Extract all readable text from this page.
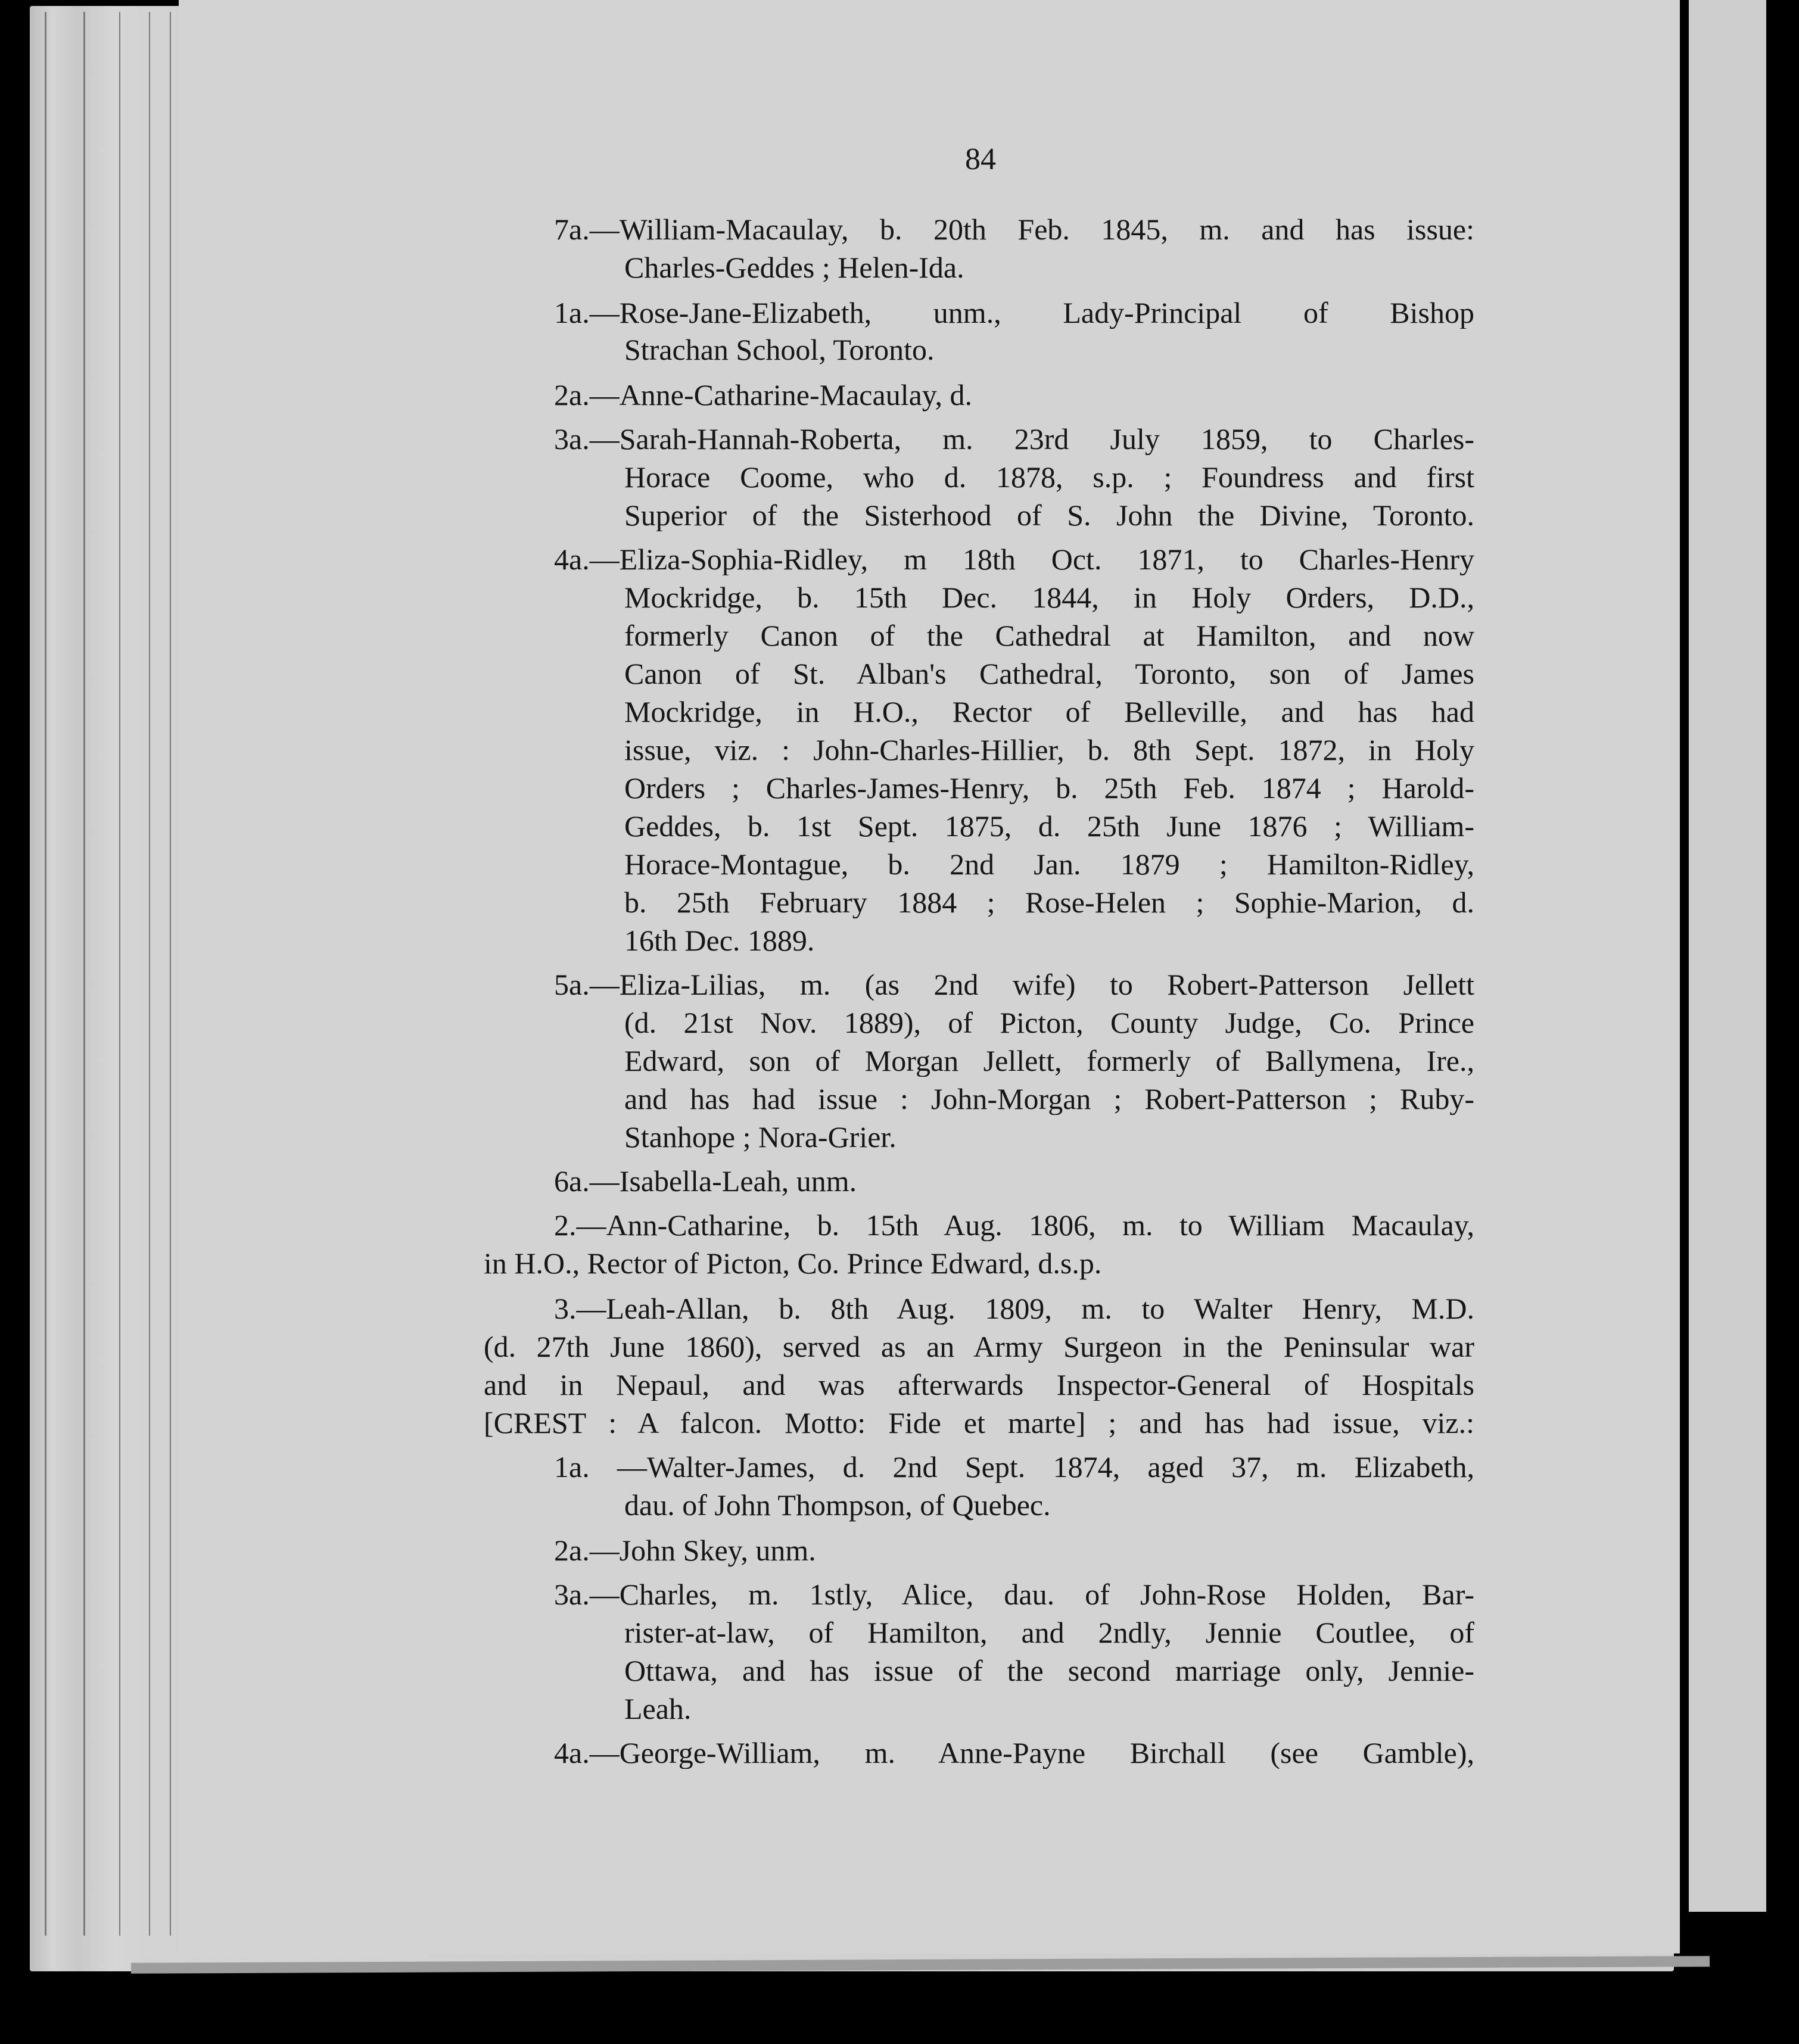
84
7a.—William-Macaulay, b. 20th Feb. 1845, m. and has issue:
Charles-Geddes ; Helen-Ida.
1a.—Rose-Jane-Elizabeth, unm., Lady-Principal of Bishop
Strachan School, Toronto.
2a.—Anne-Catharine-Macaulay, d.
3a.—Sarah-Hannah-Roberta, m. 23rd July 1859, to Charles-
Horace Coome, who d. 1878, s.p. ; Foundress and first
Superior of the Sisterhood of S. John the Divine, Toronto.
4a.—Eliza-Sophia-Ridley, m 18th Oct. 1871, to Charles-Henry
Mockridge, b. 15th Dec. 1844, in Holy Orders, D.D.,
formerly Canon of the Cathedral at Hamilton, and now
Canon of St. Alban's Cathedral, Toronto, son of James
Mockridge, in H.O., Rector of Belleville, and has had
issue, viz. : John-Charles-Hillier, b. 8th Sept. 1872, in Holy
Orders ; Charles-James-Henry, b. 25th Feb. 1874 ; Harold-
Geddes, b. 1st Sept. 1875, d. 25th June 1876 ; William-
Horace-Montague, b. 2nd Jan. 1879 ; Hamilton-Ridley,
b. 25th February 1884 ; Rose-Helen ; Sophie-Marion, d.
16th Dec. 1889.
5a.—Eliza-Lilias, m. (as 2nd wife) to Robert-Patterson Jellett
(d. 21st Nov. 1889), of Picton, County Judge, Co. Prince
Edward, son of Morgan Jellett, formerly of Ballymena, Ire.,
and has had issue : John-Morgan ; Robert-Patterson ; Ruby-
Stanhope ; Nora-Grier.
6a.—Isabella-Leah, unm.
2.—Ann-Catharine, b. 15th Aug. 1806, m. to William Macaulay,
in H.O., Rector of Picton, Co. Prince Edward, d.s.p.
3.—Leah-Allan, b. 8th Aug. 1809, m. to Walter Henry, M.D.
(d. 27th June 1860), served as an Army Surgeon in the Peninsular war
and in Nepaul, and was afterwards Inspector-General of Hospitals
[CREST : A falcon. Motto: Fide et marte] ; and has had issue, viz.:
1a. —Walter-James, d. 2nd Sept. 1874, aged 37, m. Elizabeth,
dau. of John Thompson, of Quebec.
2a.—John Skey, unm.
3a.—Charles, m. 1stly, Alice, dau. of John-Rose Holden, Bar-
rister-at-law, of Hamilton, and 2ndly, Jennie Coutlee, of
Ottawa, and has issue of the second marriage only, Jennie-
Leah.
4a.—George-William, m. Anne-Payne Birchall (see Gamble),
